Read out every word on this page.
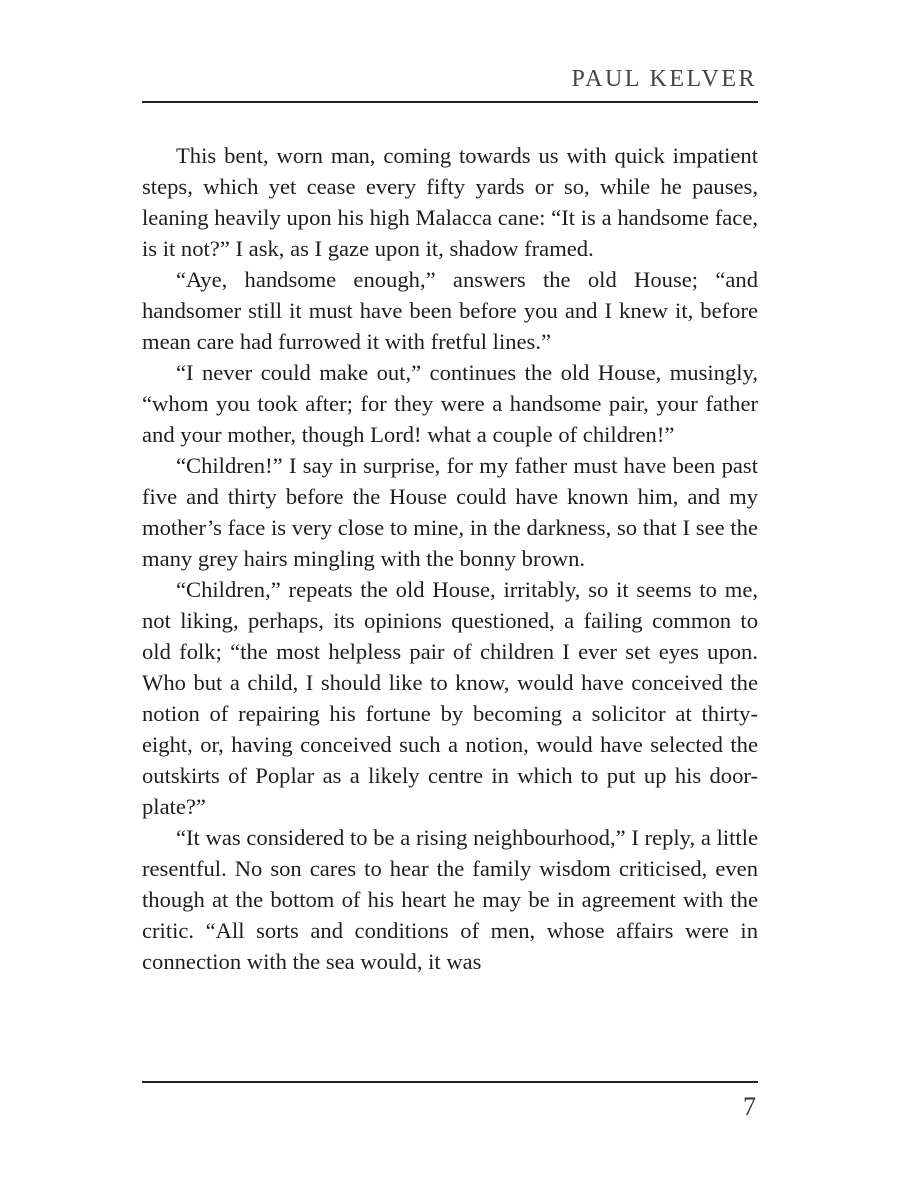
PAUL KELVER

This bent, worn man, coming towards us with quick impatient steps, which yet cease every fifty yards or so, while he pauses, leaning heavily upon his high Malacca cane: “It is a handsome face, is it not?” I ask, as I gaze upon it, shadow framed.

“Aye, handsome enough,” answers the old House; “and handsomer still it must have been before you and I knew it, before mean care had furrowed it with fretful lines.”

“I never could make out,” continues the old House, musingly, “whom you took after; for they were a handsome pair, your father and your mother, though Lord! what a couple of children!”

“Children!” I say in surprise, for my father must have been past five and thirty before the House could have known him, and my mother’s face is very close to mine, in the darkness, so that I see the many grey hairs mingling with the bonny brown.

“Children,” repeats the old House, irritably, so it seems to me, not liking, perhaps, its opinions questioned, a failing common to old folk; “the most helpless pair of children I ever set eyes upon. Who but a child, I should like to know, would have conceived the notion of repairing his fortune by becoming a solicitor at thirty-eight, or, having conceived such a notion, would have selected the outskirts of Poplar as a likely centre in which to put up his door-plate?”

“It was considered to be a rising neighbourhood,” I reply, a little resentful. No son cares to hear the family wisdom criticised, even though at the bottom of his heart he may be in agreement with the critic. “All sorts and conditions of men, whose affairs were in connection with the sea would, it was

7
